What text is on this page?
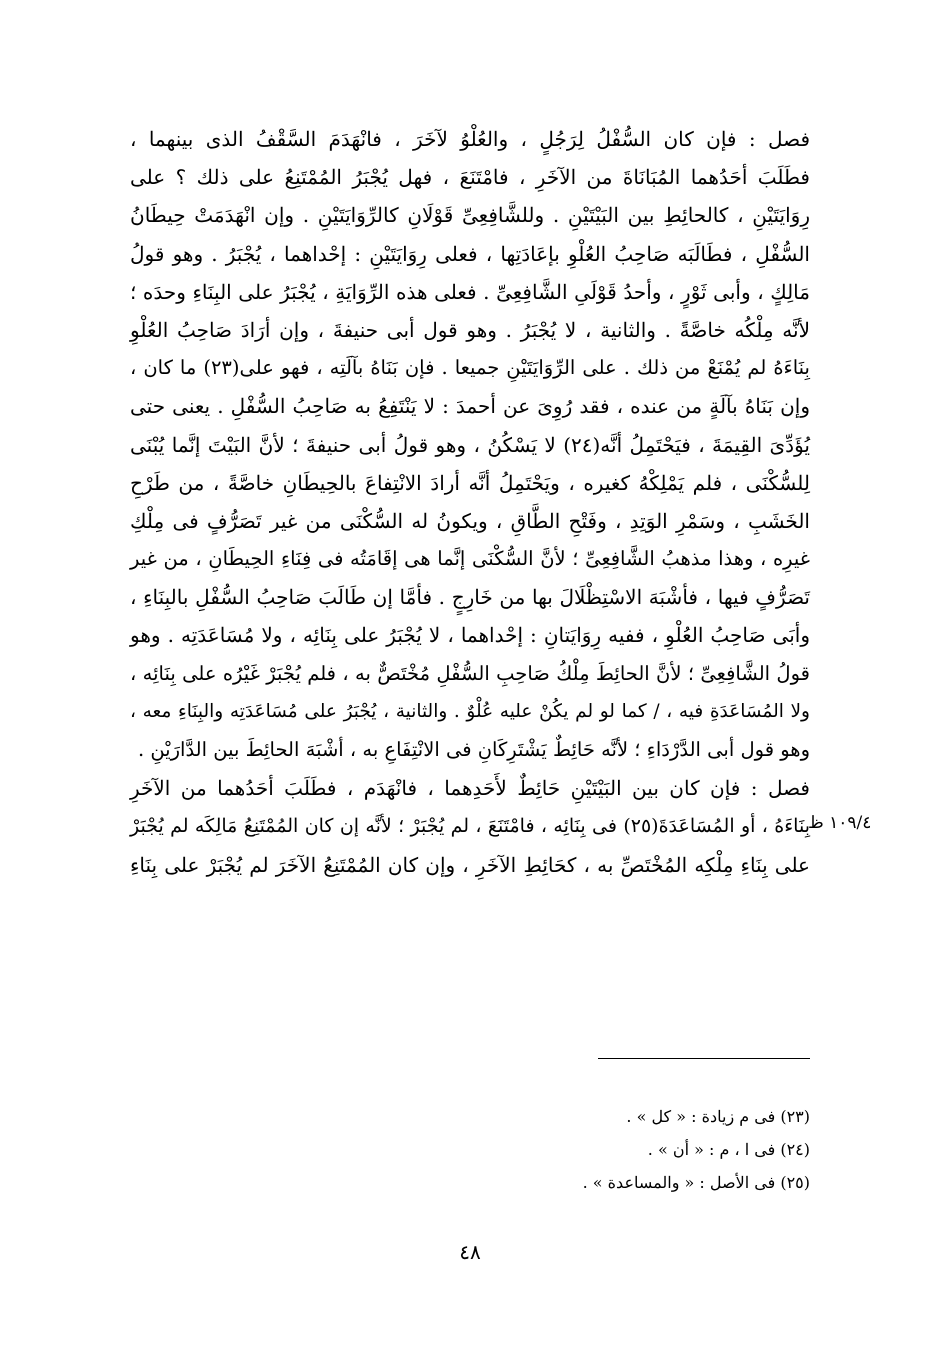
فصل : فإن كان السُّفْلُ لِرَجُلٍ ، والعُلْوُ لآخَرَ ، فانْهَدَمَ السَّقْفُ الذى بينهما ،
فطَلَبَ أحَدُهما المُبَانَاةَ من الآخَرِ ، فامْتَنَعَ ، فهل يُجْبَرُ المُمْتَنِعُ على ذلك ؟ على
رِوَايَتَيْنِ ، كالحائِطِ بين البَيْتَيْنِ . وللشَّافِعِىِّ قَوْلَانِ كالرِّوَايَتَيْنِ . وإن انْهَدَمَتْ حِيطَانُ
السُّفْلِ ، فطَالَبَه صَاحِبُ العُلْوِ بإعَادَتِها ، فعلى رِوَايَتَيْنِ : إحْداهما ، يُجْبَرُ . وهو قولُ
مَالِكٍ ، وأبى ثَوْرٍ ، وأحدُ قَوْلَىِ الشَّافِعِىِّ . فعلى هذه الرِّوَايَةِ ، يُجْبَرُ على البِنَاءِ وحدَه ؛
لأنَّه مِلْكُه خاصَّةً . والثانية ، لا يُجْبَرُ . وهو قول أبى حنيفةَ ، وإن أرَادَ صَاحِبُ العُلْوِ
بِنَاءَهُ لم يُمْنَعْ من ذلك . على الرِّوَايَتَيْنِ جميعا . فإن بَنَاهُ بآلَتِه ، فهو على(٢٣) ما كان ،
وإن بَنَاهُ بآلَةٍ من عنده ، فقد رُوِىَ عن أحمدَ : لا يَنْتَفِعُ به صَاحِبُ السُّفْلِ . يعنى حتى
يُؤَدِّىَ القِيمَةَ ، فيَحْتَمِلُ أنَّه(٢٤) لا يَسْكُنُ ، وهو قولُ أبى حنيفةَ ؛ لأنَّ البَيْتَ إنَّما يُبْنَى
لِلسُّكْنَى ، فلم يَمْلِكْهُ كغيره ، ويَحْتَمِلُ أنَّه أرادَ الانْتِفاعَ بالحِيطَانِ خاصَّةً ، من طَرْحِ
الخَشَبِ ، وسَمْرِ الوَتِدِ ، وفَتْحِ الطَّاقِ ، ويكونُ له السُّكْنَى من غير تَصَرُّفٍ فى مِلْكِ
غيرِه ، وهذا مذهبُ الشَّافِعِىِّ ؛ لأنَّ السُّكْنَى إنَّما هى إقَامَتُه فى فِنَاءِ الحِيطَانِ ، من غير
تَصَرُّفٍ فيها ، فأشْبَهَ الاسْتِظْلَالَ بها من خَارِجٍ . فأمَّا إن طَالَبَ صَاحِبُ السُّفْلِ بالبِنَاءِ ،
وأبَى صَاحِبُ العُلْوِ ، ففيه رِوَايَتانِ : إحْداهما ، لا يُجْبَرُ على بِنَائِه ، ولا مُسَاعَدَتِه . وهو
قولُ الشَّافِعِىِّ ؛ لأنَّ الحائِطَ مِلْكُ صَاحِبِ السُّفْلِ مُخْتَصٌّ به ، فلم يُجْبَرْ غَيْرُه على بِنَائِه ،
ولا المُسَاعَدَةِ فيه ، / كما لو لم يكُنْ عليه عُلْوٌ . والثانية ، يُجْبَرُ على مُسَاعَدَتِه والبِنَاءِ معه ،
وهو قول أبى الدَّرْدَاءِ ؛ لأنَّه حَائِطٌ يَشْتَرِكَانِ فى الانْتِفَاعِ به ، أشْبَهَ الحائِطَ بين الدَّارَيْنِ .
فصل : فإن كان بين البَيْتَيْنِ حَائِطٌ لأَحَدِهما ، فانْهَدَم ، فطَلَبَ أحَدُهما من الآخَرِ
بِنَاءَهُ ، أو المُسَاعَدَةَ(٢٥) فى بِنَائِه ، فامْتَنَعَ ، لم يُجْبَرْ ؛ لأنَّه إن كان المُمْتَنِعُ مَالِكَه لم يُجْبَرْ
على بِنَاءِ مِلْكِه المُخْتَصِّ به ، كحَائِطِ الآخَرِ ، وإن كان المُمْتَنِعُ الآخَرَ لم يُجْبَرْ على بِنَاءِ
١٠٩/٤ ظ
(٢٣) فى م زيادة : « كل » .
(٢٤) فى ا ، م : « أن » .
(٢٥) فى الأصل : « والمساعدة » .
٤٨
